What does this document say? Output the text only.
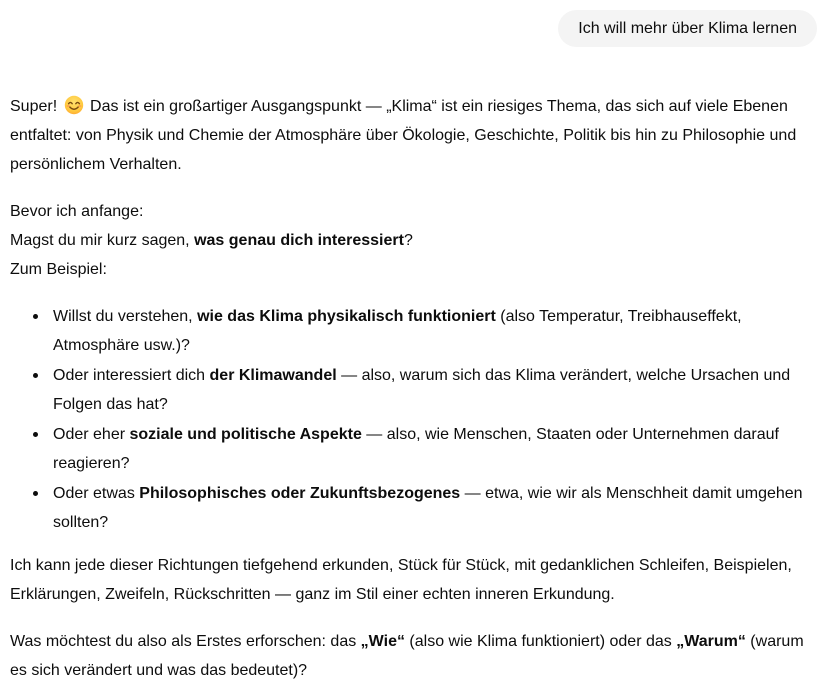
Ich will mehr über Klima lernen

Super!  Das ist ein großartiger Ausgangspunkt — „Klima“ ist ein riesiges Thema, das sich auf viele Ebenen entfaltet: von Physik und Chemie der Atmosphäre über Ökologie, Geschichte, Politik bis hin zu Philosophie und persönlichem Verhalten.

Bevor ich anfange:
Magst du mir kurz sagen, was genau dich interessiert?
Zum Beispiel:

Willst du verstehen, wie das Klima physikalisch funktioniert (also Temperatur, Treibhauseffekt, Atmosphäre usw.)?
Oder interessiert dich der Klimawandel — also, warum sich das Klima verändert, welche Ursachen und Folgen das hat?
Oder eher soziale und politische Aspekte — also, wie Menschen, Staaten oder Unternehmen darauf reagieren?
Oder etwas Philosophisches oder Zukunftsbezogenes — etwa, wie wir als Menschheit damit umgehen sollten?

Ich kann jede dieser Richtungen tiefgehend erkunden, Stück für Stück, mit gedanklichen Schleifen, Beispielen, Erklärungen, Zweifeln, Rückschritten — ganz im Stil einer echten inneren Erkundung.

Was möchtest du also als Erstes erforschen: das „Wie“ (also wie Klima funktioniert) oder das „Warum“ (warum es sich verändert und was das bedeutet)?
